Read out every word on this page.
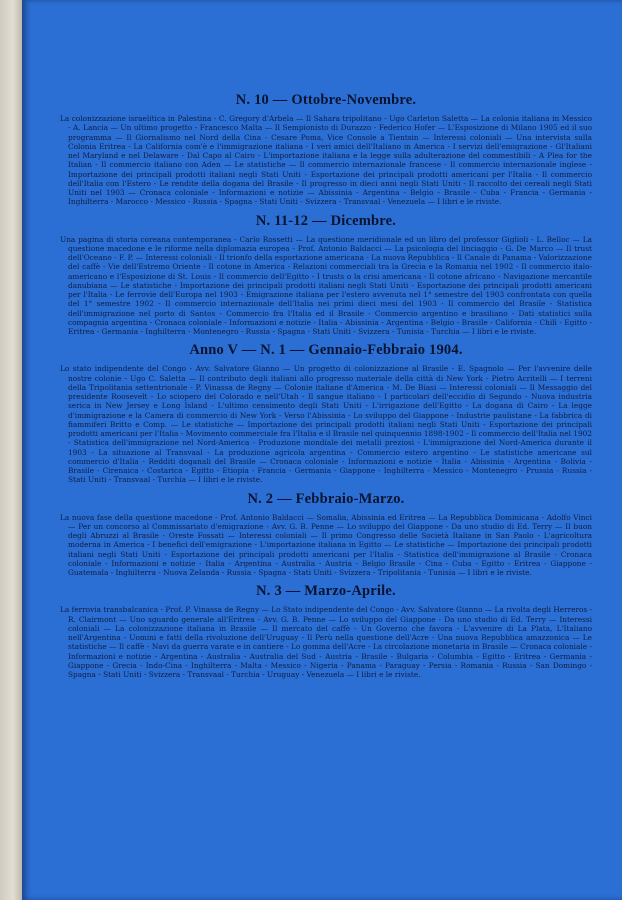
N. 10 — Ottobre-Novembre.
La colonizzazione israelitica in Palestina - C. Gregory d'Arbela — Il Sahara tripolitano - Ugo Carleton Saletta — La colonia italiana in Messico - A. Lancia — Un ultimo progetto - Francesco Malta — Il Sempionisto di Durazzo - Federico Hofer — L'Esposizione di Milano 1905 ed il suo programma — Il Giornalismo nel Nord della Cina - Cesare Poma, Vice Console a Tientsin — Interessi coloniali — Una intervista sulla Colonia Eritrea - La California com'è e l'immigrazione italiana - I veri amici dell'Italiano in America - I servizi dell'emigrazione - Gl'Italiani nel Maryland e nel Delaware - Dal Capo al Cairo - L'importazione italiana e la legge sulla adulterazione del commestibili - A Plea for the Italian - Il commercio italiano con Aden — Le statistiche — Il commercio internazionale francese - Il commercio internazionale inglese - Importazione dei principali prodotti italiani negli Stati Uniti - Esportazione dei principali prodotti americani per l'Italia - Il commercio dell'Italia con l'Estero - Le rendite della dogana del Brasile - Il progresso in dieci anni negli Stati Uniti - Il raccolto dei cereali negli Stati Uniti nel 1903 — Cronaca coloniale - Informazioni e notizie — Abissinia - Argentina - Belgio - Brasile - Cuba - Francia - Germania - Inghilterra - Marocco - Messico - Russia - Spagna - Stati Uniti - Svizzera - Transvaal - Venezuela — I libri e le riviste.
N. 11-12 — Dicembre.
Una pagina di storia coreana contemporanea - Carlo Rossetti — La questione meridionale ed un libro del professor Giglioli - L. Belloc — La questione macedone e le riforme nella diplomazia europea - Prof. Antonio Baldacci — La psicologia del linciaggio - G. De Marco — Il trust dell'Oceano - F. P. — Interessi coloniali - Il trionfo della esportazione americana - La nuova Repubblica - Il Canale di Panama - Valorizzazione del caffè - Vie dell'Estremo Oriente - Il cotone in America - Relazioni commerciali tra la Grecia e la Romania nel 1902 - Il commercio italo-americano e l'Esposizione di St. Louis - Il commercio dell'Egitto - I trusts o la crisi americana - Il cotone africano - Navigazione mercantile danubiana — Le statistiche - Importazione dei principali prodotti italiani negli Stati Uniti - Esportazione dei principali prodotti americani per l'Italia - Le ferrovie dell'Europa nel 1903 - Emigrazione italiana per l'estero avvenuta nel 1° semestre del 1903 confrontata con quella del 1° semestre 1902 - Il commercio internazionale dell'Italia nei primi dieci mesi del 1903 - Il commercio del Brasile - Statistica dell'immigrazione nel porto di Santos - Commercio fra l'Italia ed il Brasile - Commercio argentino e brasiliano - Dati statistici sulla compagnia argentina - Cronaca coloniale - Informazioni e notizie - Italia - Abissinia - Argentina - Belgio - Brasile - California - Chilì - Egitto - Eritrea - Germania - Inghilterra - Montenegro - Russia - Spagna - Stati Uniti - Svizzera - Tunisia - Turchia — I libri e le riviste.
Anno V — N. 1 — Gennaio-Febbraio 1904.
Lo stato indipendente del Congo - Avv. Salvatore Gianno — Un progetto di colonizzazione al Brasile - E. Spagnolo — Per l'avvenire delle nostre colonie - Ugo C. Saletta — Il contributo degli italiani allo progresso materiale della città di New York - Pietro Acritelli — I terreni della Tripolitania settentrionale - P. Vinassa de Regny — Colonie italiane d'America - M. De Biasi — Interessi coloniali — Il Messaggio del presidente Roosevelt - Lo sciopero del Colorado e nell'Utah - Il sangue italiano - I particolari dell'eccidio di Segundo - Nuova industria serica in New Jersey e Long Island - L'ultimo censimento degli Stati Uniti - L'irrigazione dell'Egitto - La dogana di Cairo - La legge d'immigrazione e la Camera di commercio di New York - Verso l'Abissinia - Lo sviluppo del Giappone - Industrie paulistane - La fabbrica di fiammiferi Britto e Comp. — Le statistiche — Importazione dei principali prodotti italiani negli Stati Uniti - Esportazione dei principali prodotti americani per l'Italia - Movimento commerciale fra l'Italia e il Brasile nel quinquennio 1898-1902 - Il commercio dell'Italia nel 1902 - Statistica dell'immigrazione nel Nord-America - Produzione mondiale dei metalli preziosi - L'immigrazione del Nord-America durante il 1903 - La situazione al Transvaal - La produzione agricola argentina - Commercio estero argentino - Le statistiche americane sul commercio d'Italia - Redditi doganali del Brasile — Cronaca coloniale - Informazioni e notizie - Italia - Abissinia - Argentina - Bolivia - Brasile - Cirenaica - Costarica - Egitto - Etiopia - Francia - Germania - Giappone - Inghilterra - Messico - Montenegro - Prussia - Russia - Stati Uniti - Transvaal - Turchia — I libri e le riviste.
N. 2 — Febbraio-Marzo.
La nuova fase della questione macedone - Prof. Antonio Baldacci — Somalia, Abissinia ed Eritrea — La Repubblica Dominicana - Adolfo Vinci — Per un concorso al Commissariato d'emigrazione - Avv. G. B. Penne — Lo sviluppo del Giappone - Da uno studio di Ed. Terry — Il buon degli Abruzzi al Brasile - Oreste Fossati — Interessi coloniali — Il primo Congresso delle Società Italiane in San Paolo - L'agricoltura moderna in America - I benefici dell'emigrazione - L'importazione italiana in Egitto — Le statistiche — Importazione dei principali prodotti italiani negli Stati Uniti - Esportazione dei principali prodotti americani per l'Italia - Statistica dell'immigrazione al Brasile - Cronaca coloniale - Informazioni e notizie - Italia - Argentina - Australia - Austria - Belgio Brasile - Cina - Cuba - Egitto - Eritrea - Giappone - Guatemala - Inghilterra - Nuova Zelanda - Russia - Spagna - Stati Uniti - Svizzera - Tripolitania - Tunisia — I libri e le riviste.
N. 3 — Marzo-Aprile.
La ferrovia transbalcanica - Prof. P. Vinassa de Regny — Lo Stato indipendente del Congo - Avv. Salvatore Gianno — La rivolta degli Herreros - R. Clairmont — Uno sguardo generale all'Eritrea - Avv. G. B. Penne — Lo sviluppo del Giappone - Da uno studio di Ed. Terry — Interessi coloniali — La colonizzazione italiana in Brasile — Il mercato del caffè - Un Governo che favora - L'avvenire di La Plata, L'Italiano nell'Argentina - Uomini e fatti della rivoluzione dell'Uruguay - Il Perù nella questione dell'Acre - Una nuova Repubblica amazzonica — Le statistiche — Il caffè - Navi da guerra varate e in cantiere - Lo gomma dell'Acre - La circolazione monetaria in Brasile — Cronaca coloniale - Informazioni e notizie - Argentina - Australia - Australia del Sud - Austria - Brasile - Bulgaria - Columbia - Egitto - Eritrea - Germania - Giappone - Grecia - Indo-Cina - Inghilterra - Malta - Messico - Nigeria - Panama - Paraguay - Persia - Romania - Russia - San Domingo - Spagna - Stati Uniti - Svizzera - Transvaal - Turchia - Uruguay - Venezuela — I libri e le riviste.
